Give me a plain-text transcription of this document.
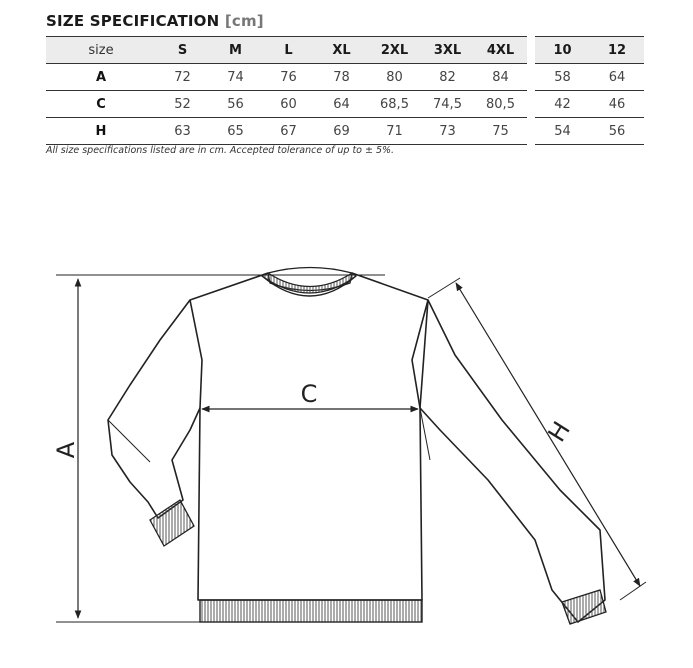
SIZE SPECIFICATION [cm]
size	S	M	L	XL	2XL	3XL	4XL		10	12
A	72	74	76	78	80	82	84		58	64
C	52	56	60	64	68,5	74,5	80,5		42	46
H	63	65	67	69	71	73	75		54	56
All size specifications listed are in cm. Accepted tolerance of up to ± 5%.
A
C
H
